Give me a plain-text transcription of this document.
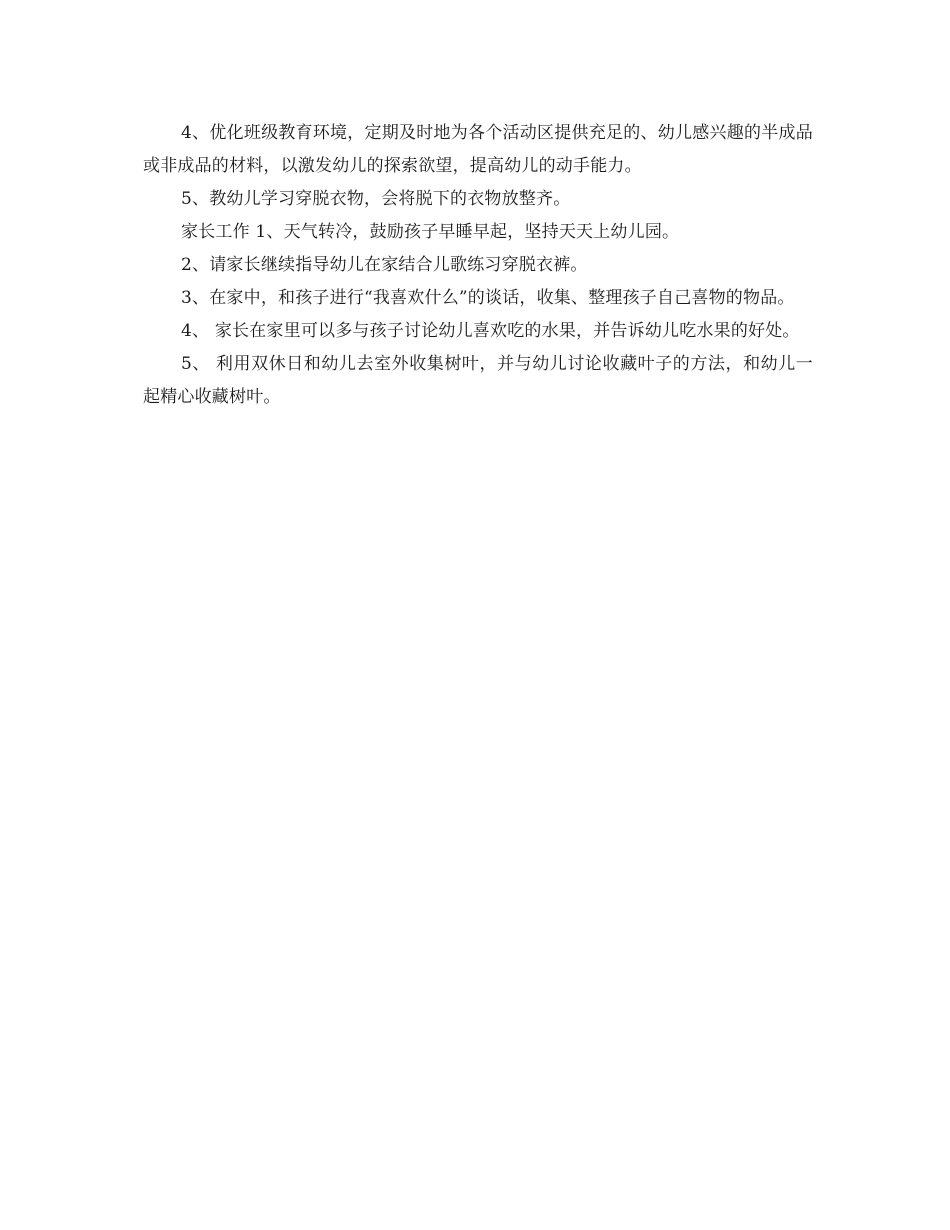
4、优化班级教育环境，定期及时地为各个活动区提供充足的、幼儿感兴趣的半成品或非成品的材料，以激发幼儿的探索欲望，提高幼儿的动手能力。

5、教幼儿学习穿脱衣物，会将脱下的衣物放整齐。

家长工作 1、天气转冷，鼓励孩子早睡早起，坚持天天上幼儿园。

2、请家长继续指导幼儿在家结合儿歌练习穿脱衣裤。

3、在家中，和孩子进行“我喜欢什么”的谈话，收集、整理孩子自己喜物的物品。

4、 家长在家里可以多与孩子讨论幼儿喜欢吃的水果，并告诉幼儿吃水果的好处。

5、 利用双休日和幼儿去室外收集树叶，并与幼儿讨论收藏叶子的方法，和幼儿一起精心收藏树叶。
